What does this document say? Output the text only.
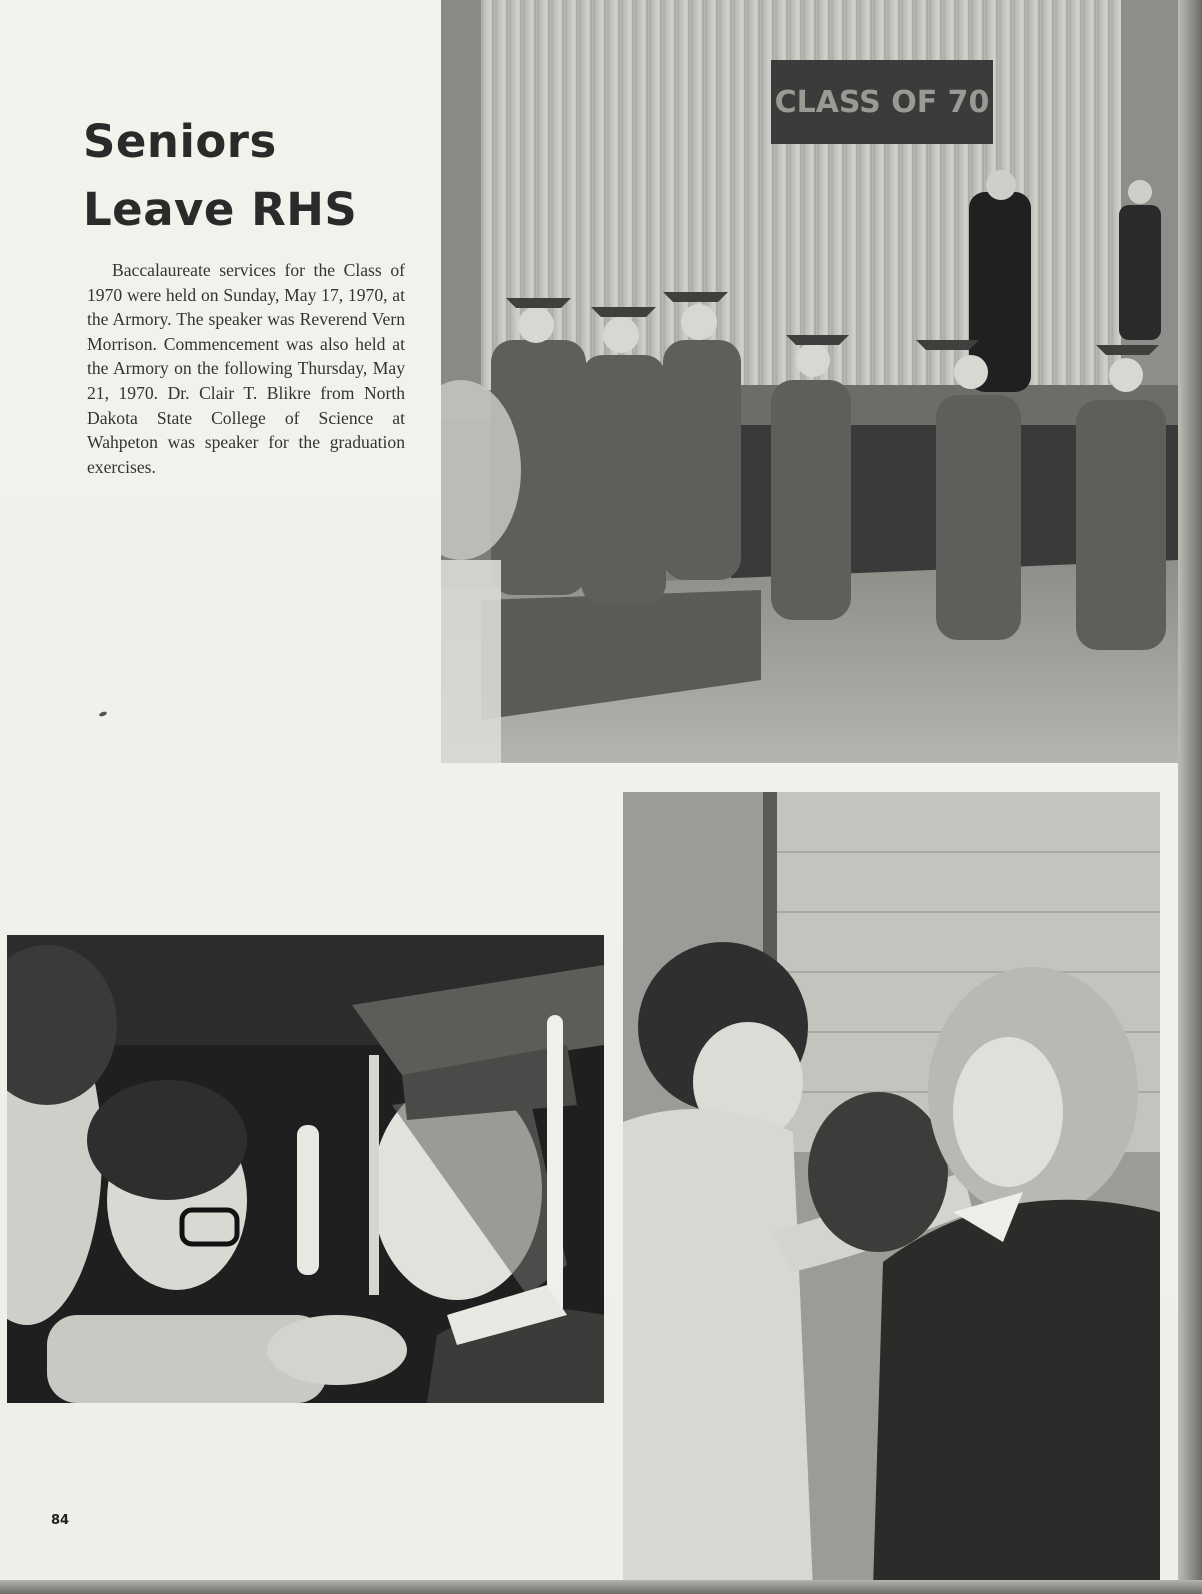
Seniors
Leave RHS

Baccalaureate services for the Class of 1970 were held on Sunday, May 17, 1970, at the Armory. The speaker was Reverend Vern Morrison. Commencement was also held at the Armory on the following Thursday, May 21, 1970. Dr. Clair T. Blikre from North Dakota State College of Science at Wahpeton was speaker for the graduation exercises.

CLASS OF 70
84
